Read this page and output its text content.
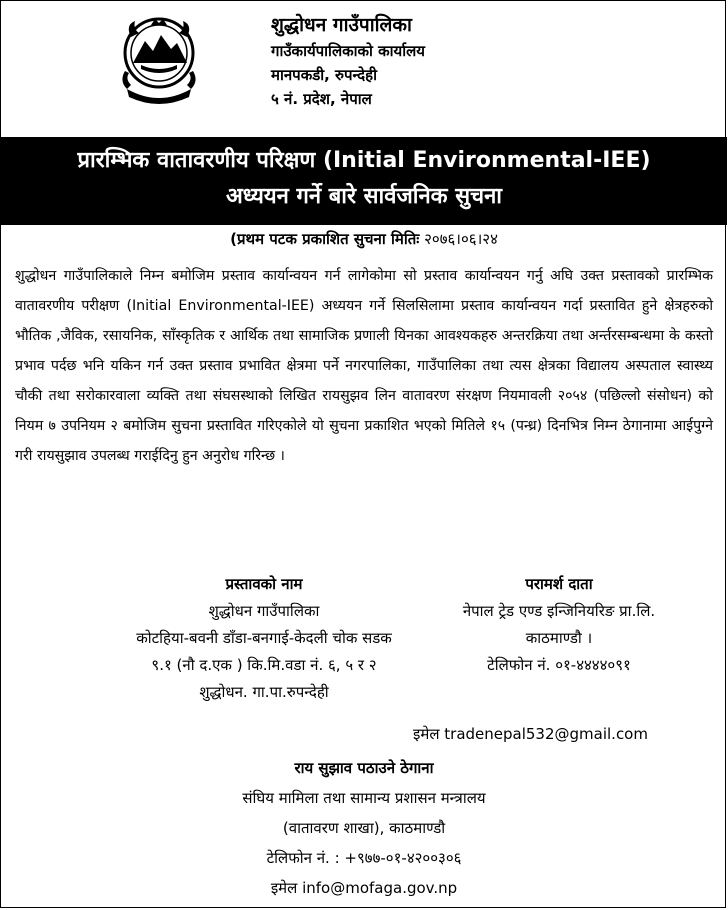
शुद्धोधन गाउँपालिका
गाउँकार्यपालिकाको कार्यालय
मानपकडी, रुपन्देही
५ नं. प्रदेश, नेपाल
प्रारम्भिक वातावरणीय परिक्षण (Initial Environmental-IEE)
अध्ययन गर्ने बारे सार्वजनिक सुचना
(प्रथम पटक प्रकाशित सुचना मितिः २०७६।०६।२४
शुद्धोधन गाउँपालिकाले निम्न बमोजिम प्रस्ताव कार्यान्वयन गर्न लागेकोमा सो प्रस्ताव कार्यान्वयन गर्नु अघि उक्त प्रस्तावको प्रारम्भिक वातावरणीय परीक्षण (Initial Environmental-IEE) अध्ययन गर्ने सिलसिलामा प्रस्ताव कार्यान्वयन गर्दा प्रस्तावित हुने क्षेत्रहरुको भौतिक ,जैविक, रसायनिक, साँस्कृतिक र आर्थिक तथा सामाजिक प्रणाली यिनका आवश्यकहरु अन्तरक्रिया तथा अर्न्तरसम्बन्धमा के कस्तो प्रभाव पर्दछ भनि यकिन गर्न उक्त प्रस्ताव प्रभावित क्षेत्रमा पर्ने नगरपालिका, गाउँपालिका तथा त्यस क्षेत्रका विद्यालय अस्पताल स्वास्थ्य चौकी तथा सरोकारवाला व्यक्ति तथा संघसस्थाको लिखित रायसुझव लिन वातावरण संरक्षण नियमावली २०५४ (पछिल्लो संसोधन) को नियम ७ उपनियम २ बमोजिम सुचना प्रस्तावित गरिएकोले यो सुचना प्रकाशित भएको मितिले १५ (पन्ध्र) दिनभित्र निम्न ठेगानामा आईपुग्ने गरी रायसुझाव उपलब्ध गराईदिनु हुन अनुरोध गरिन्छ ।
प्रस्तावको नाम
शुद्धोधन गाउँपालिका
कोटहिया-बवनी डाँडा-बनगाई-केदली चोक सडक
९.१ (नौ द.एक ) कि.मि.वडा नं. ६, ५ र २
शुद्धोधन. गा.पा.रुपन्देही
परामर्श दाता
नेपाल ट्रेड एण्ड इन्जिनियरिङ प्रा.लि.
काठमाण्डौ ।
टेलिफोन नं. ०१-४४४४०९१
इमेल tradenepal532@gmail.com
राय सुझाव पठाउने ठेगाना
संघिय मामिला तथा सामान्य प्रशासन मन्त्रालय
(वातावरण शाखा), काठमाण्डौ
टेलिफोन नं. : +९७७-०१-४२००३०६
इमेल info@mofaga.gov.np
